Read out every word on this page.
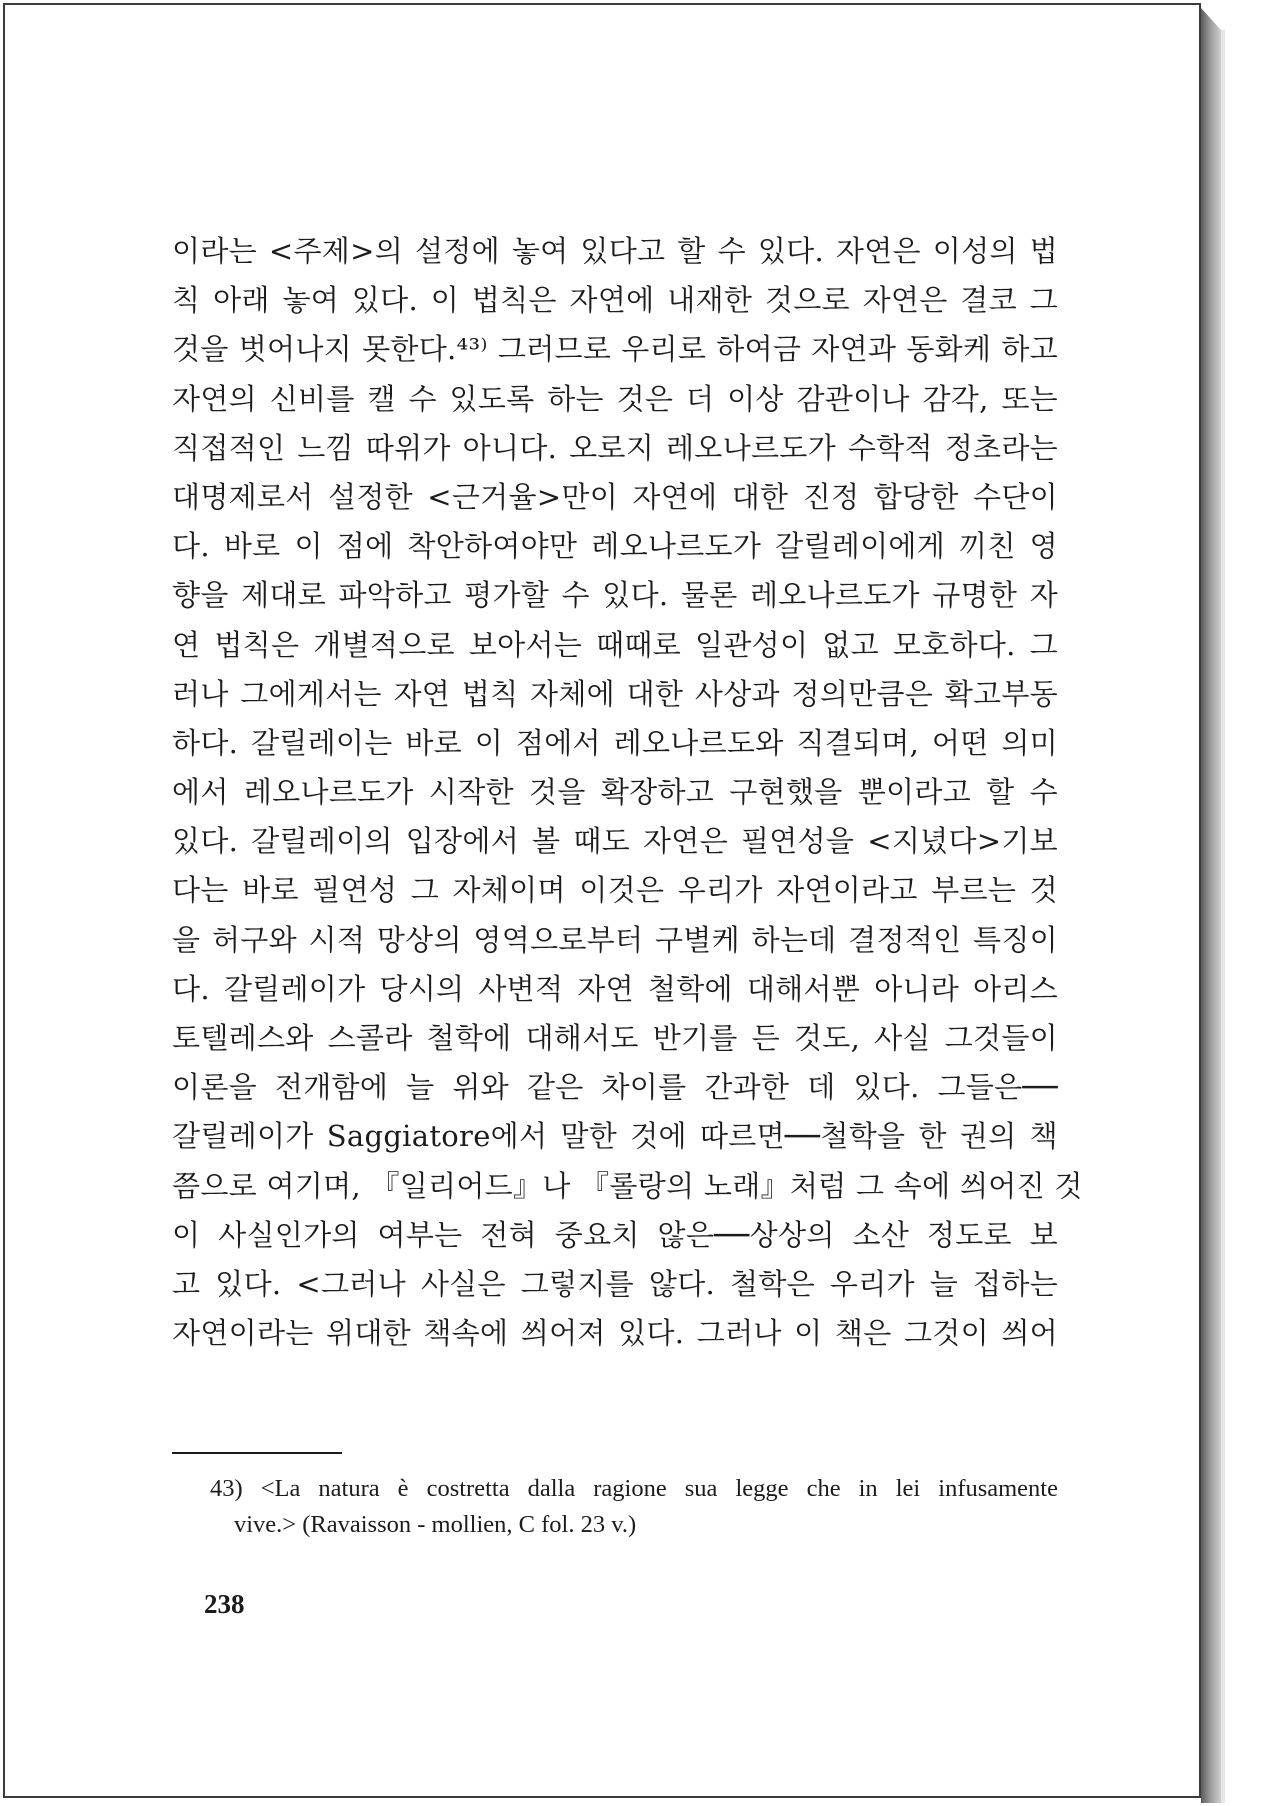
이라는 <주제>의 설정에 놓여 있다고 할 수 있다. 자연은 이성의 법
칙 아래 놓여 있다. 이 법칙은 자연에 내재한 것으로 자연은 결코 그
것을 벗어나지 못한다.⁴³⁾ 그러므로 우리로 하여금 자연과 동화케 하고
자연의 신비를 캘 수 있도록 하는 것은 더 이상 감관이나 감각, 또는
직접적인 느낌 따위가 아니다. 오로지 레오나르도가 수학적 정초라는
대명제로서 설정한 <근거율>만이 자연에 대한 진정 합당한 수단이
다. 바로 이 점에 착안하여야만 레오나르도가 갈릴레이에게 끼친 영
향을 제대로 파악하고 평가할 수 있다. 물론 레오나르도가 규명한 자
연 법칙은 개별적으로 보아서는 때때로 일관성이 없고 모호하다. 그
러나 그에게서는 자연 법칙 자체에 대한 사상과 정의만큼은 확고부동
하다. 갈릴레이는 바로 이 점에서 레오나르도와 직결되며, 어떤 의미
에서 레오나르도가 시작한 것을 확장하고 구현했을 뿐이라고 할 수
있다. 갈릴레이의 입장에서 볼 때도 자연은 필연성을 <지녔다>기보
다는 바로 필연성 그 자체이며 이것은 우리가 자연이라고 부르는 것
을 허구와 시적 망상의 영역으로부터 구별케 하는데 결정적인 특징이
다. 갈릴레이가 당시의 사변적 자연 철학에 대해서뿐 아니라 아리스
토텔레스와 스콜라 철학에 대해서도 반기를 든 것도, 사실 그것들이
이론을 전개함에 늘 위와 같은 차이를 간과한 데 있다. 그들은──
갈릴레이가 Saggiatore에서 말한 것에 따르면──철학을 한 권의 책
쯤으로 여기며, 『일리어드』나 『롤랑의 노래』처럼 그 속에 씌어진 것
이 사실인가의 여부는 전혀 중요치 않은──상상의 소산 정도로 보
고 있다. <그러나 사실은 그렇지를 않다. 철학은 우리가 늘 접하는
자연이라는 위대한 책속에 씌어져 있다. 그러나 이 책은 그것이 씌어
43) <La natura è costretta dalla ragione sua legge che in lei infusamente
vive.> (Ravaisson - mollien, C fol. 23 v.)
238
